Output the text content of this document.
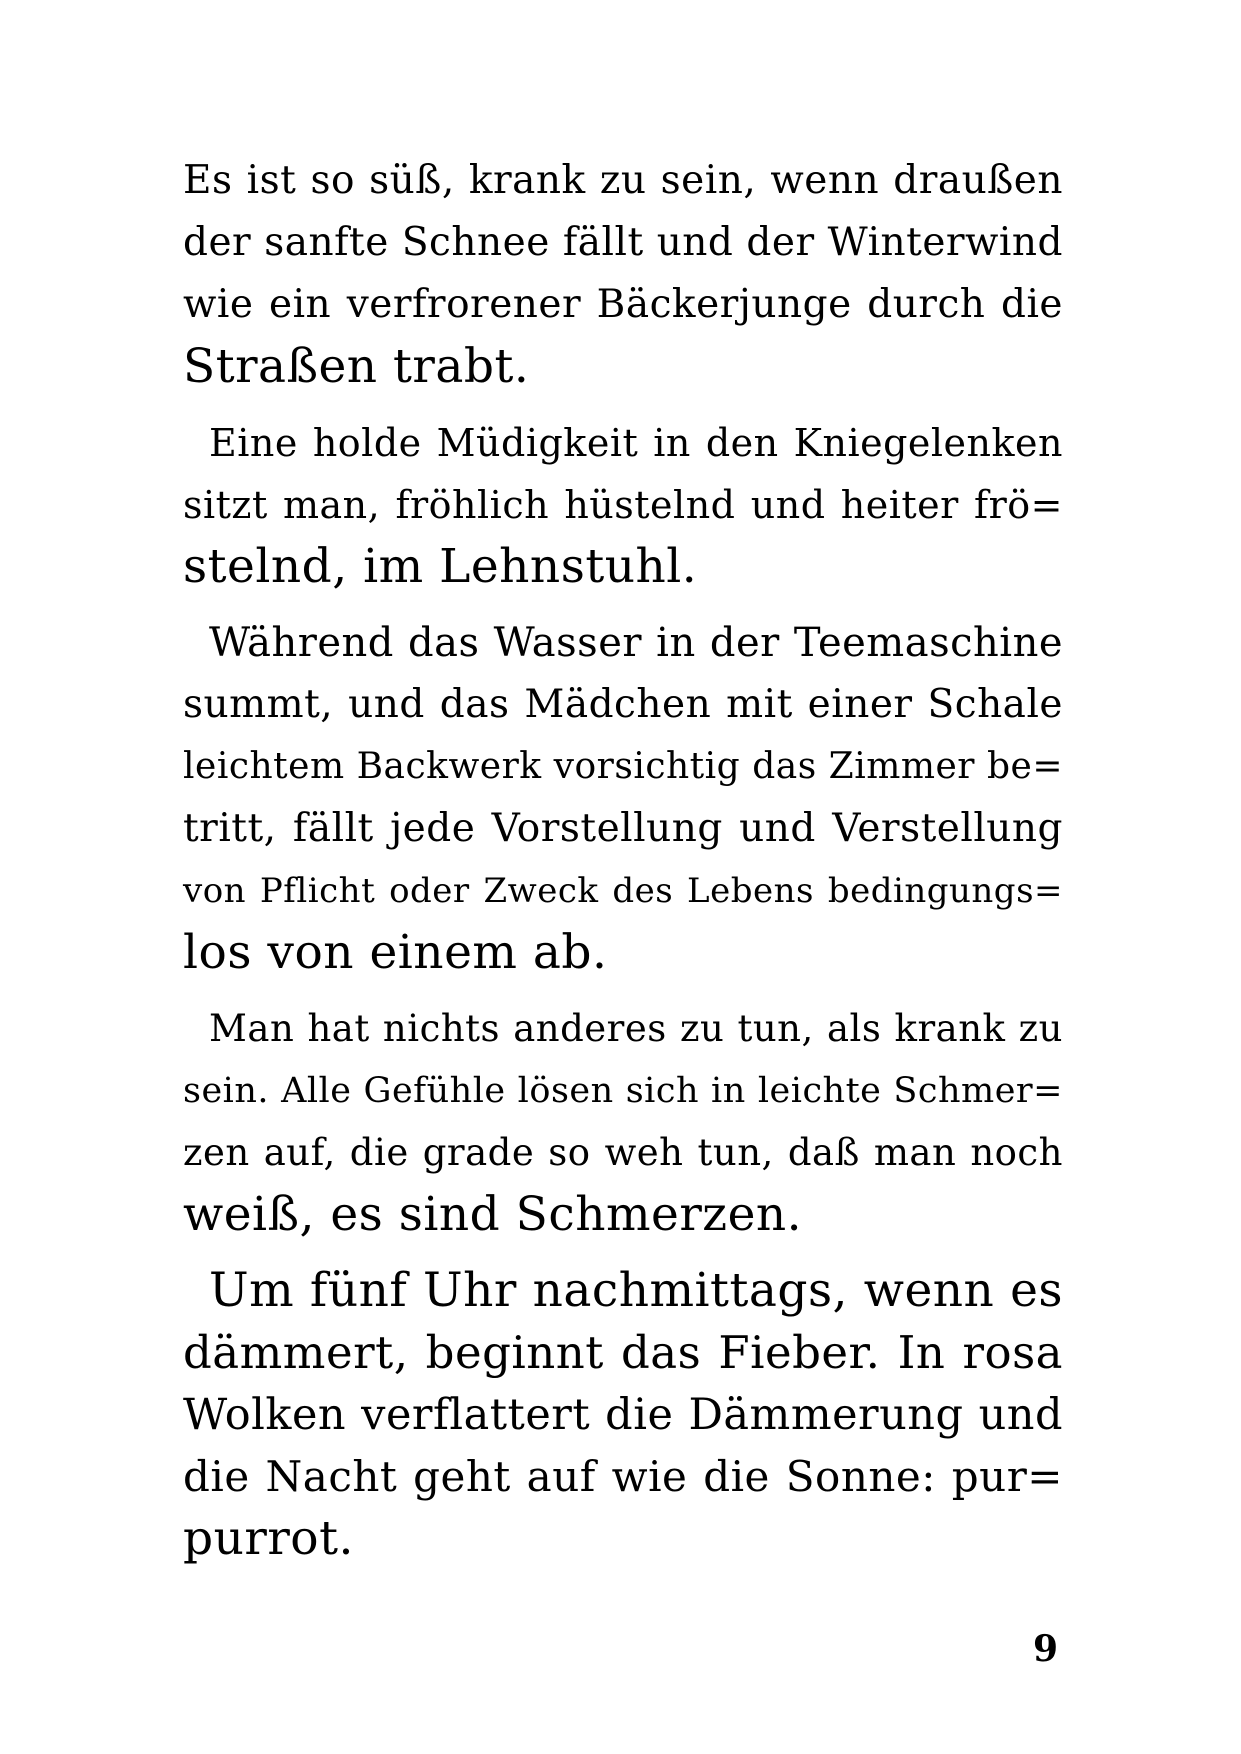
Es ist so süß, krank zu sein, wenn draußen
der sanfte Schnee fällt und der Winterwind
wie ein verfrorener Bäckerjunge durch die
Straßen trabt.

Eine holde Müdigkeit in den Kniegelenken
sitzt man, fröhlich hüstelnd und heiter frö=
stelnd, im Lehnstuhl.

Während das Wasser in der Teemaschine
summt, und das Mädchen mit einer Schale
leichtem Backwerk vorsichtig das Zimmer be=
tritt, fällt jede Vorstellung und Verstellung
von Pflicht oder Zweck des Lebens bedingungs=
los von einem ab.

Man hat nichts anderes zu tun, als krank zu
sein. Alle Gefühle lösen sich in leichte Schmer=
zen auf, die grade so weh tun, daß man noch
weiß, es sind Schmerzen.

Um fünf Uhr nachmittags, wenn es
dämmert, beginnt das Fieber. In rosa
Wolken verflattert die Dämmerung und
die Nacht geht auf wie die Sonne: pur=
purrot.

9
